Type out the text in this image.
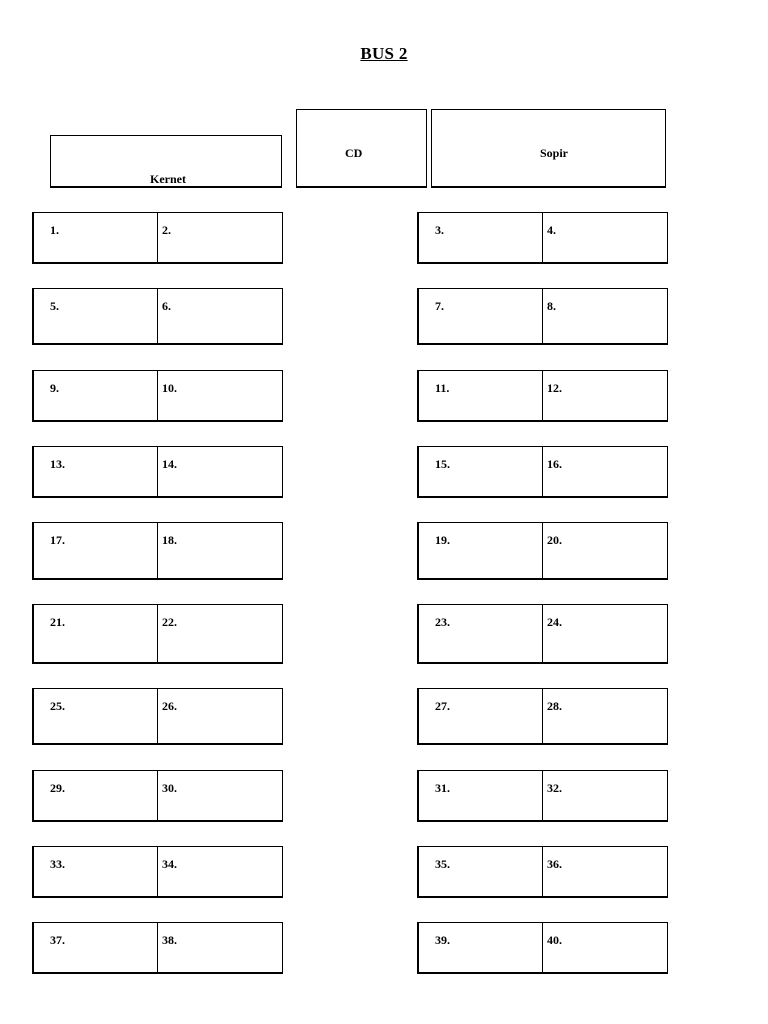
BUS 2
Kernet
CD	Sopir
1.	2.	3.	4.
5.	6.	7.	8.
9.	10.	11.	12.
13.	14.	15.	16.
17.	18.	19.	20.
21.	22.	23.	24.
25.	26.	27.	28.
29.	30.	31.	32.
33.	34.	35.	36.
37.	38.	39.	40.
